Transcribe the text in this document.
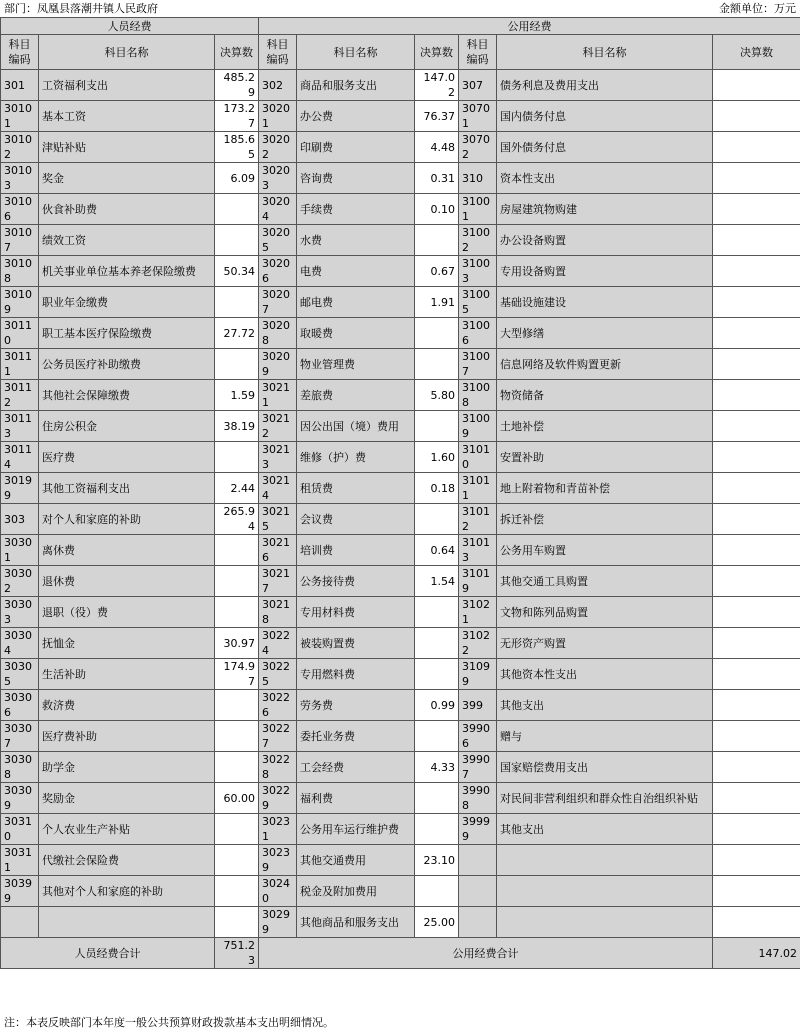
部门：凤凰县落潮井镇人民政府	金额单位：万元
人员经费			公用经费					
科目编码	科目名称	决算数	科目编码	科目名称	决算数	科目编码	科目名称	决算数
301	工资福利支出	485.29	302	商品和服务支出	147.02	307	债务利息及费用支出	
30101	基本工资	173.27	30201	办公费	76.37	30701	国内债务付息	
30102	津贴补贴	185.65	30202	印刷费	4.48	30702	国外债务付息	
30103	奖金	6.09	30203	咨询费	0.31	310	资本性支出	
30106	伙食补助费		30204	手续费	0.10	31001	房屋建筑物购建	
30107	绩效工资		30205	水费		31002	办公设备购置	
30108	机关事业单位基本养老保险缴费	50.34	30206	电费	0.67	31003	专用设备购置	
30109	职业年金缴费		30207	邮电费	1.91	31005	基础设施建设	
30110	职工基本医疗保险缴费	27.72	30208	取暖费		31006	大型修缮	
30111	公务员医疗补助缴费		30209	物业管理费		31007	信息网络及软件购置更新	
30112	其他社会保障缴费	1.59	30211	差旅费	5.80	31008	物资储备	
30113	住房公积金	38.19	30212	因公出国（境）费用		31009	土地补偿	
30114	医疗费		30213	维修（护）费	1.60	31010	安置补助	
30199	其他工资福利支出	2.44	30214	租赁费	0.18	31011	地上附着物和青苗补偿	
303	对个人和家庭的补助	265.94	30215	会议费		31012	拆迁补偿	
30301	离休费		30216	培训费	0.64	31013	公务用车购置	
30302	退休费		30217	公务接待费	1.54	31019	其他交通工具购置	
30303	退职（役）费		30218	专用材料费		31021	文物和陈列品购置	
30304	抚恤金	30.97	30224	被装购置费		31022	无形资产购置	
30305	生活补助	174.97	30225	专用燃料费		31099	其他资本性支出	
30306	救济费		30226	劳务费	0.99	399	其他支出	
30307	医疗费补助		30227	委托业务费		39906	赠与	
30308	助学金		30228	工会经费	4.33	39907	国家赔偿费用支出	
30309	奖励金	60.00	30229	福利费		39908	对民间非营利组织和群众性自治组织补贴	
30310	个人农业生产补贴		30231	公务用车运行维护费		39999	其他支出	
30311	代缴社会保险费		30239	其他交通费用	23.10			
30399	其他对个人和家庭的补助		30240	税金及附加费用				
			30299	其他商品和服务支出	25.00			
人员经费合计		751.23	公用经费合计					147.02
注：本表反映部门本年度一般公共预算财政拨款基本支出明细情况。
